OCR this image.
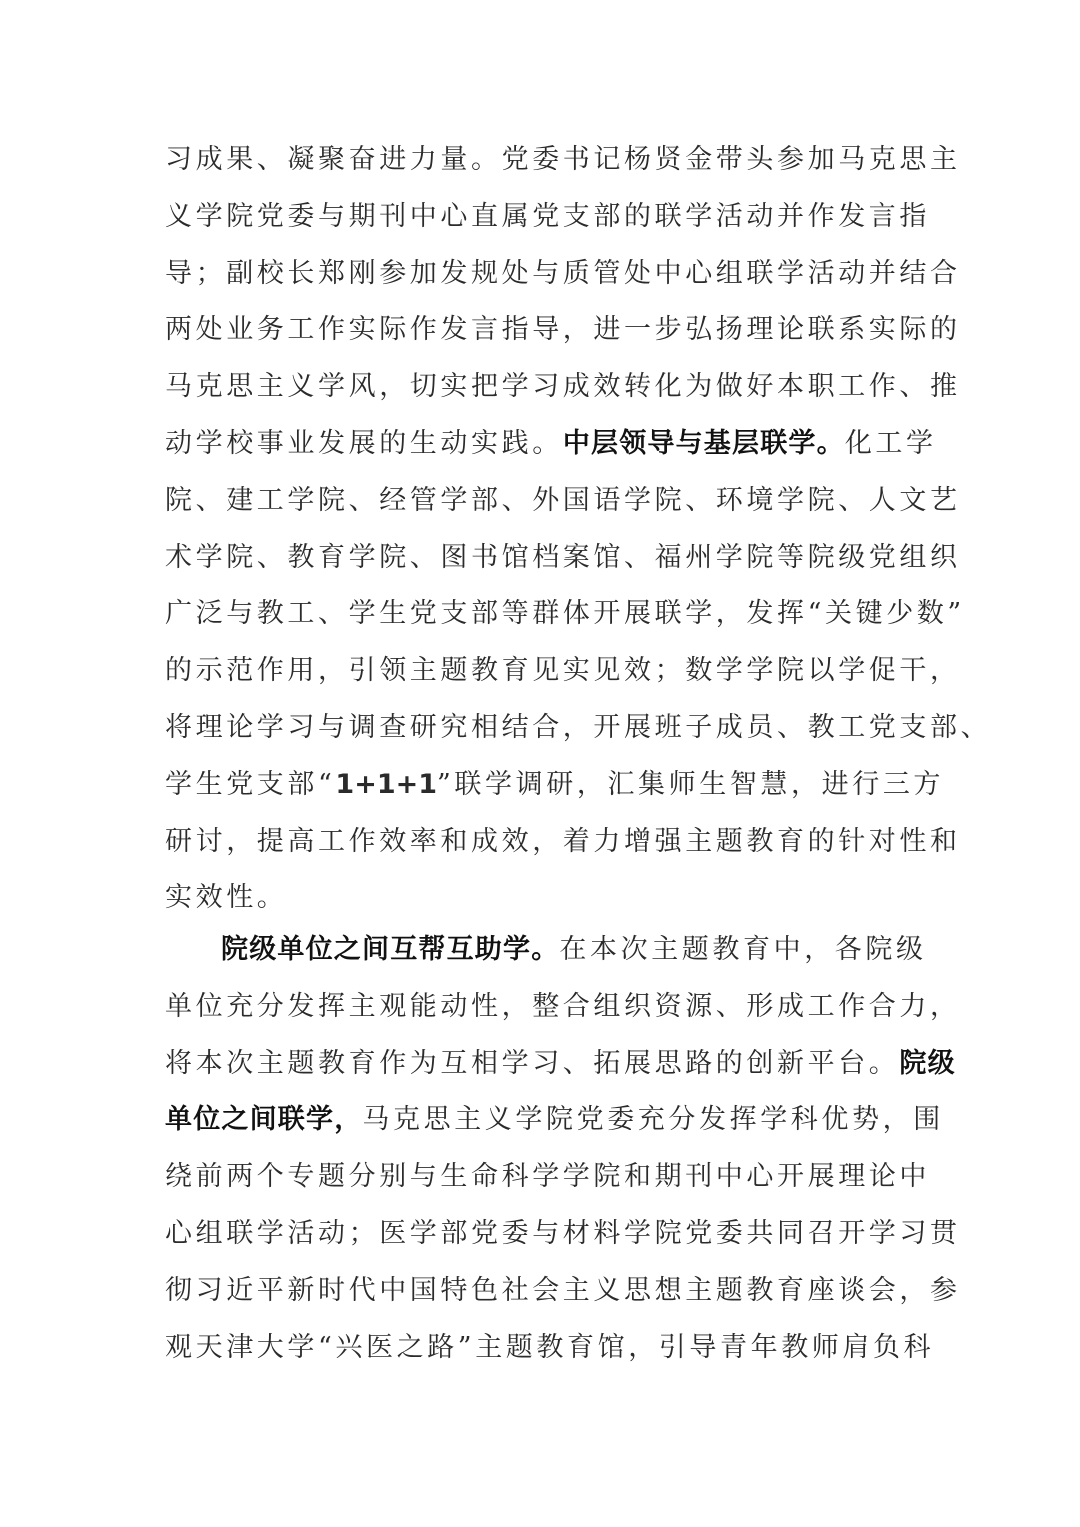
习成果、凝聚奋进力量。党委书记杨贤金带头参加马克思主
义学院党委与期刊中心直属党支部的联学活动并作发言指
导；副校长郑刚参加发规处与质管处中心组联学活动并结合
两处业务工作实际作发言指导，进一步弘扬理论联系实际的
马克思主义学风，切实把学习成效转化为做好本职工作、推
动学校事业发展的生动实践。中层领导与基层联学。化工学
院、建工学院、经管学部、外国语学院、环境学院、人文艺
术学院、教育学院、图书馆档案馆、福州学院等院级党组织
广泛与教工、学生党支部等群体开展联学，发挥“关键少数”
的示范作用，引领主题教育见实见效；数学学院以学促干，
将理论学习与调查研究相结合，开展班子成员、教工党支部、
学生党支部“1+1+1”联学调研，汇集师生智慧，进行三方
研讨，提高工作效率和成效，着力增强主题教育的针对性和
实效性。
院级单位之间互帮互助学。在本次主题教育中，各院级
单位充分发挥主观能动性，整合组织资源、形成工作合力，
将本次主题教育作为互相学习、拓展思路的创新平台。院级
单位之间联学，马克思主义学院党委充分发挥学科优势，围
绕前两个专题分别与生命科学学院和期刊中心开展理论中
心组联学活动；医学部党委与材料学院党委共同召开学习贯
彻习近平新时代中国特色社会主义思想主题教育座谈会，参
观天津大学“兴医之路”主题教育馆，引导青年教师肩负科
